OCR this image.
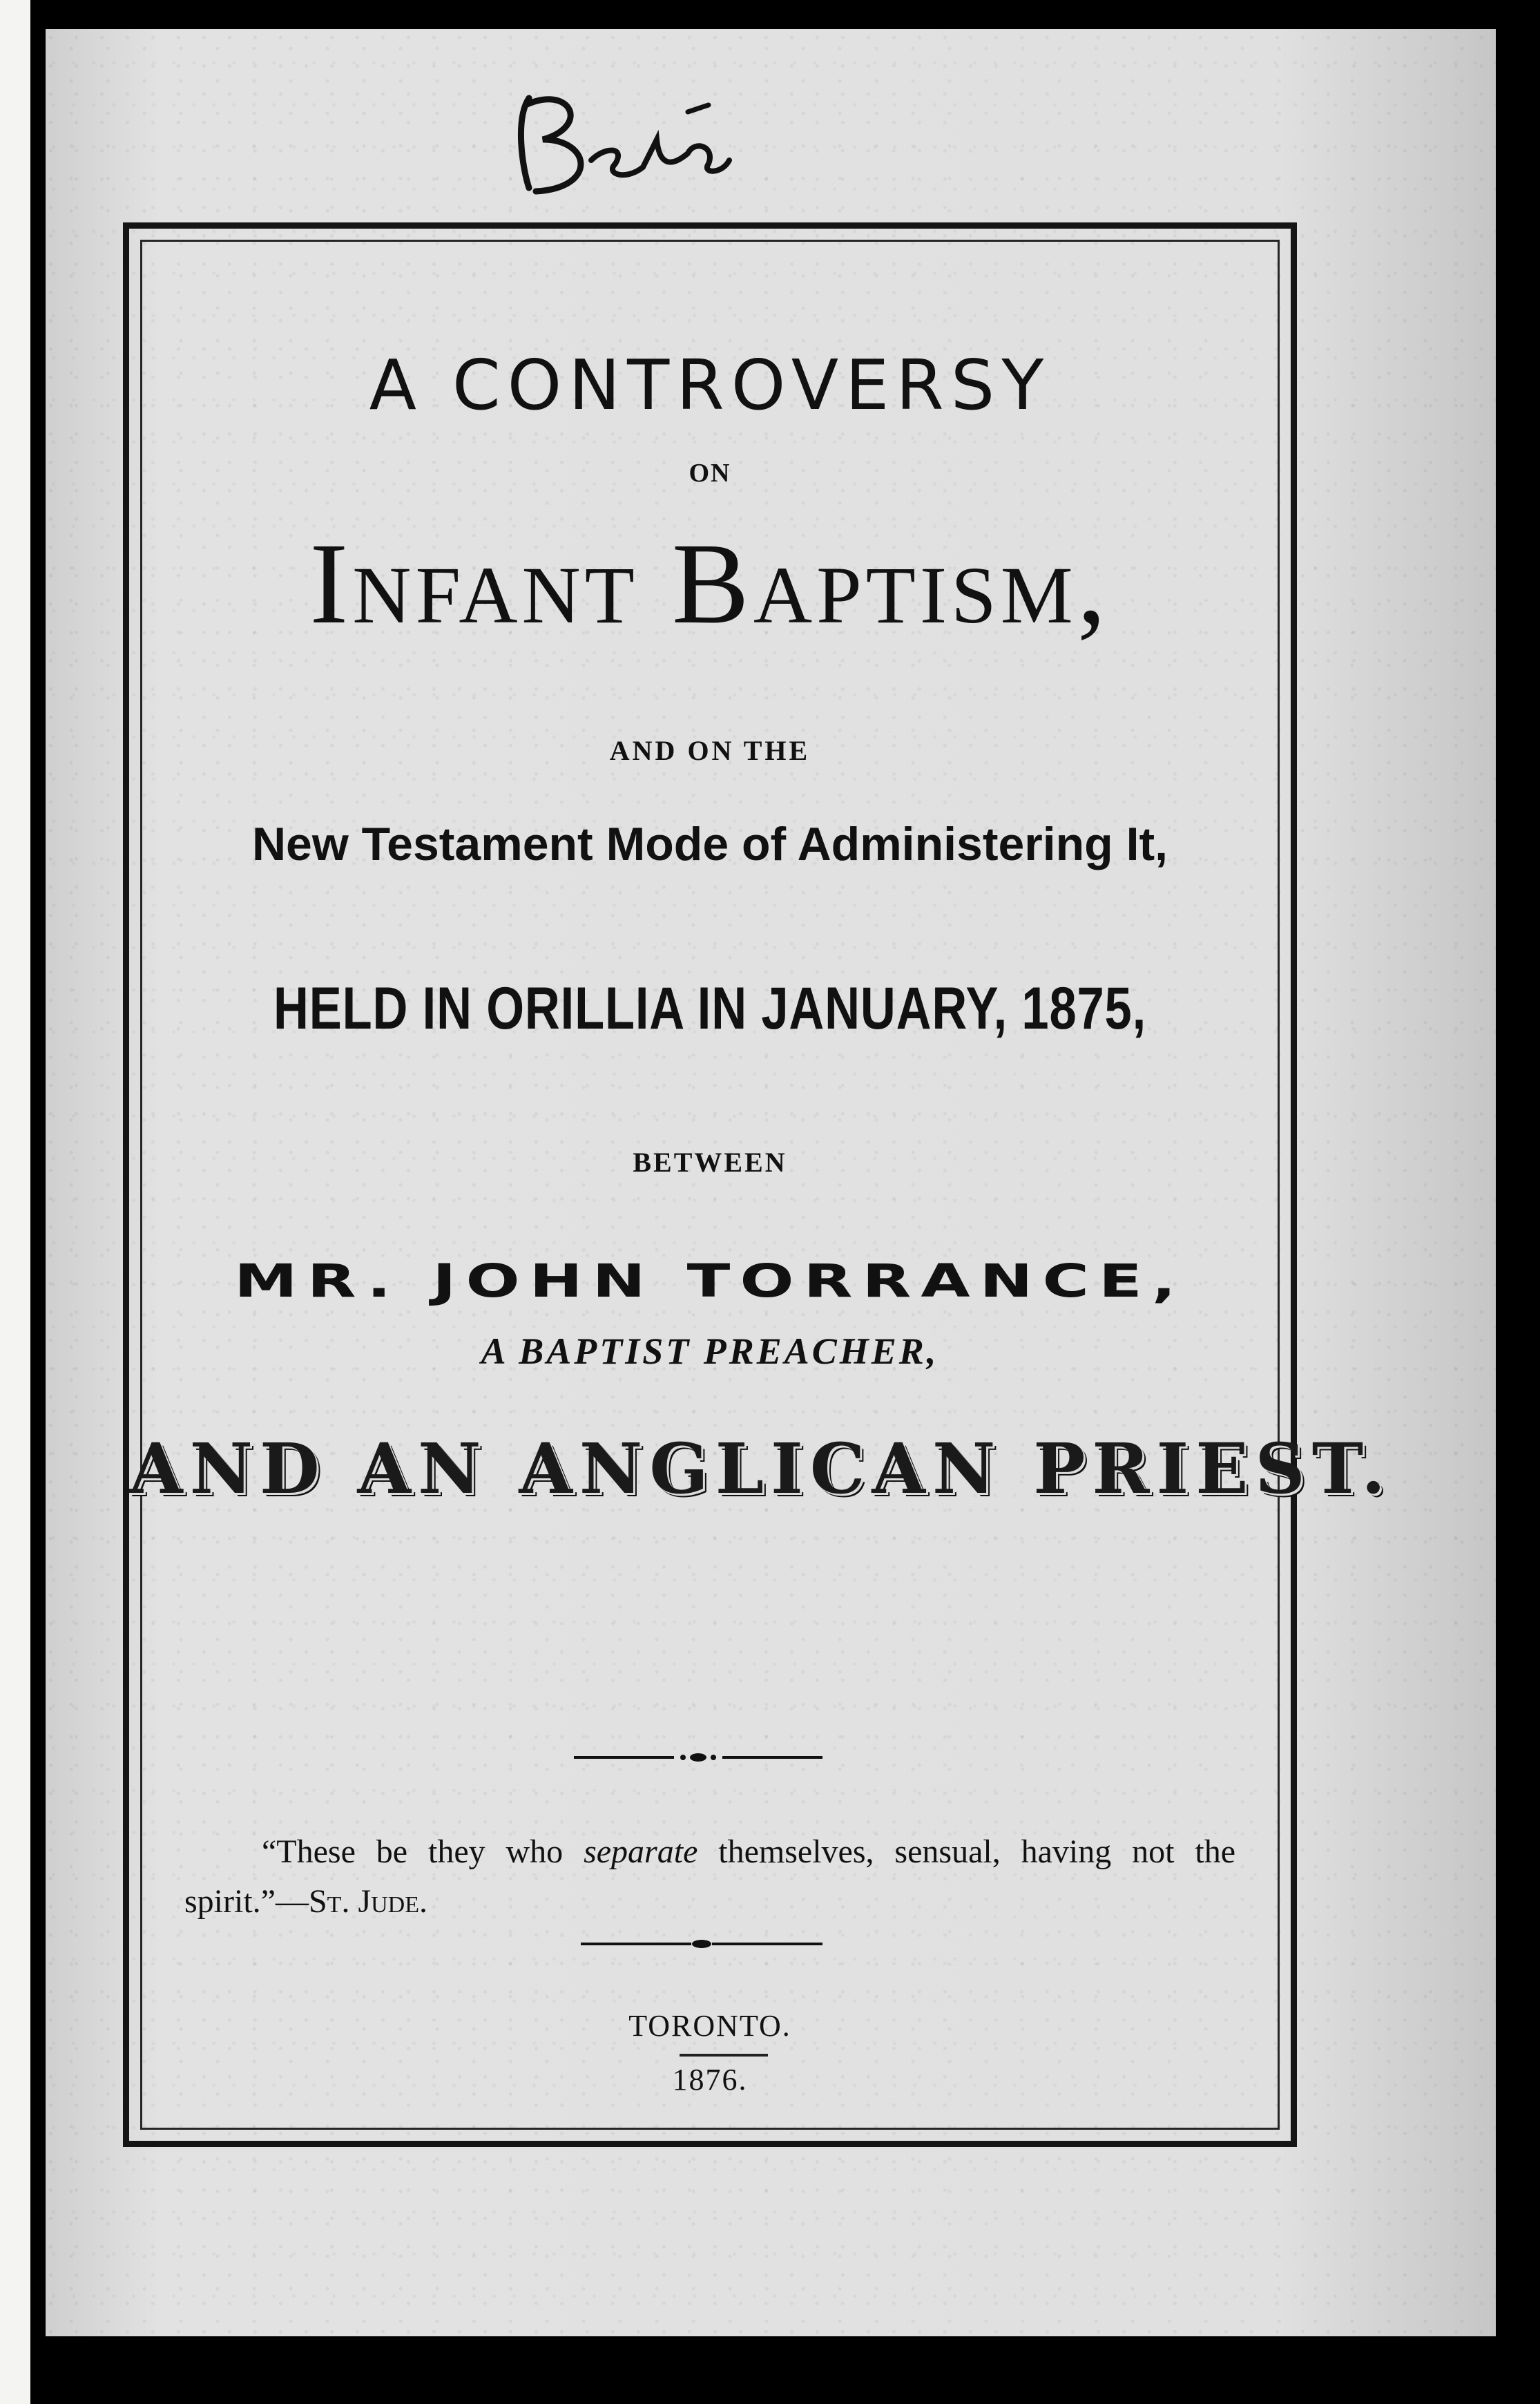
A CONTROVERSY
ON
Infant Baptism,
AND ON THE
New Testament Mode of Administering It,
HELD IN ORILLIA IN JANUARY, 1875,
BETWEEN
MR. JOHN TORRANCE,
A BAPTIST PREACHER,
AND AN ANGLICAN PRIEST.
“These be they who separate themselves, sensual, having not the spirit.”—St. Jude.
TORONTO.
1876.
